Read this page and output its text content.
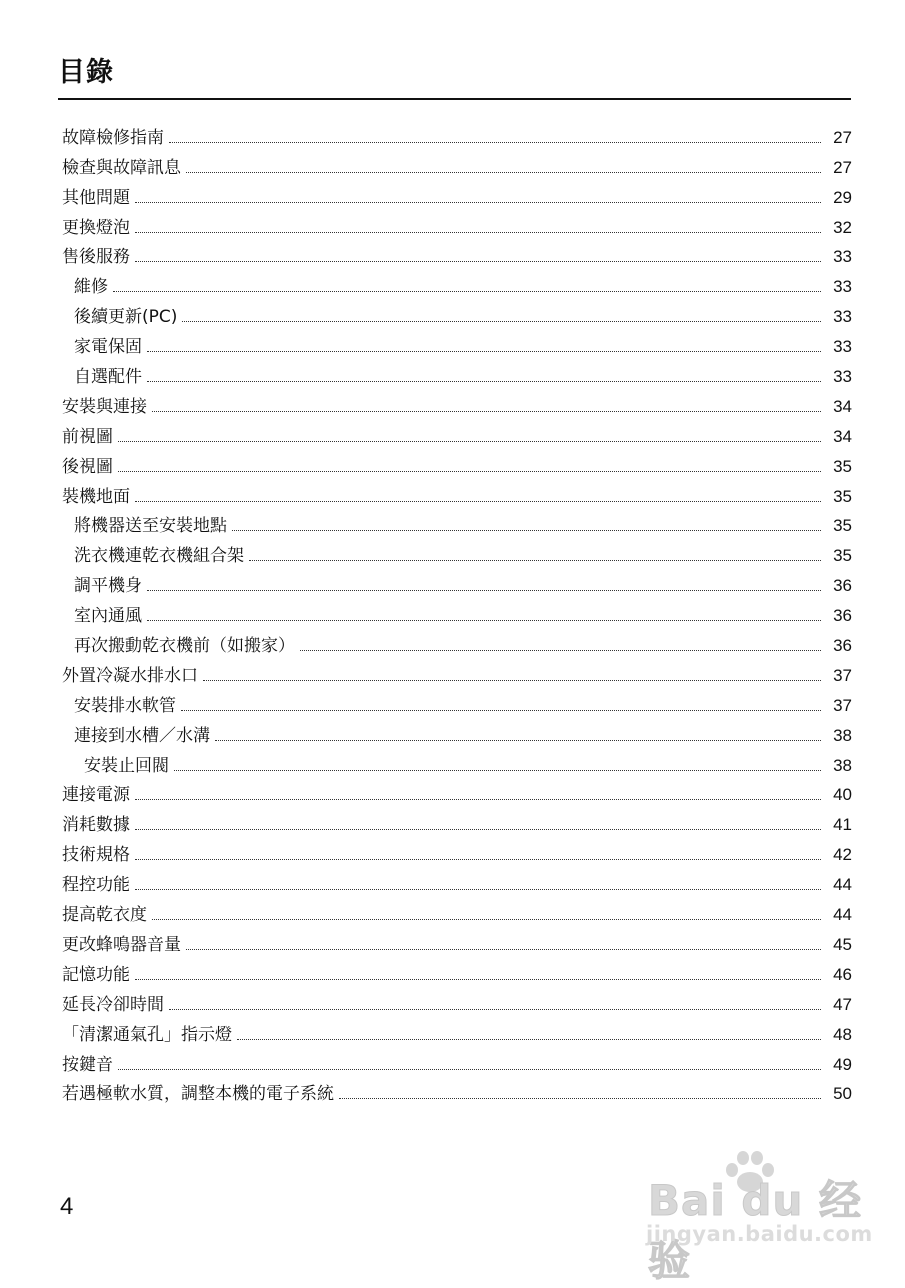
目錄
故障檢修指南	27
檢查與故障訊息	27
其他問題	29
更換燈泡	32
售後服務	33
維修	33
後續更新(PC)	33
家電保固	33
自選配件	33
安裝與連接	34
前視圖	34
後視圖	35
裝機地面	35
將機器送至安裝地點	35
洗衣機連乾衣機組合架	35
調平機身	36
室內通風	36
再次搬動乾衣機前（如搬家）	36
外置冷凝水排水口	37
安裝排水軟管	37
連接到水槽／水溝	38
安裝止回閥	38
連接電源	40
消耗數據	41
技術規格	42
程控功能	44
提高乾衣度	44
更改蜂鳴器音量	45
記憶功能	46
延長冷卻時間	47
「清潔通氣孔」指示燈	48
按鍵音	49
若遇極軟水質，調整本機的電子系統	50
4	Bai du 经验
jingyan.baidu.com
